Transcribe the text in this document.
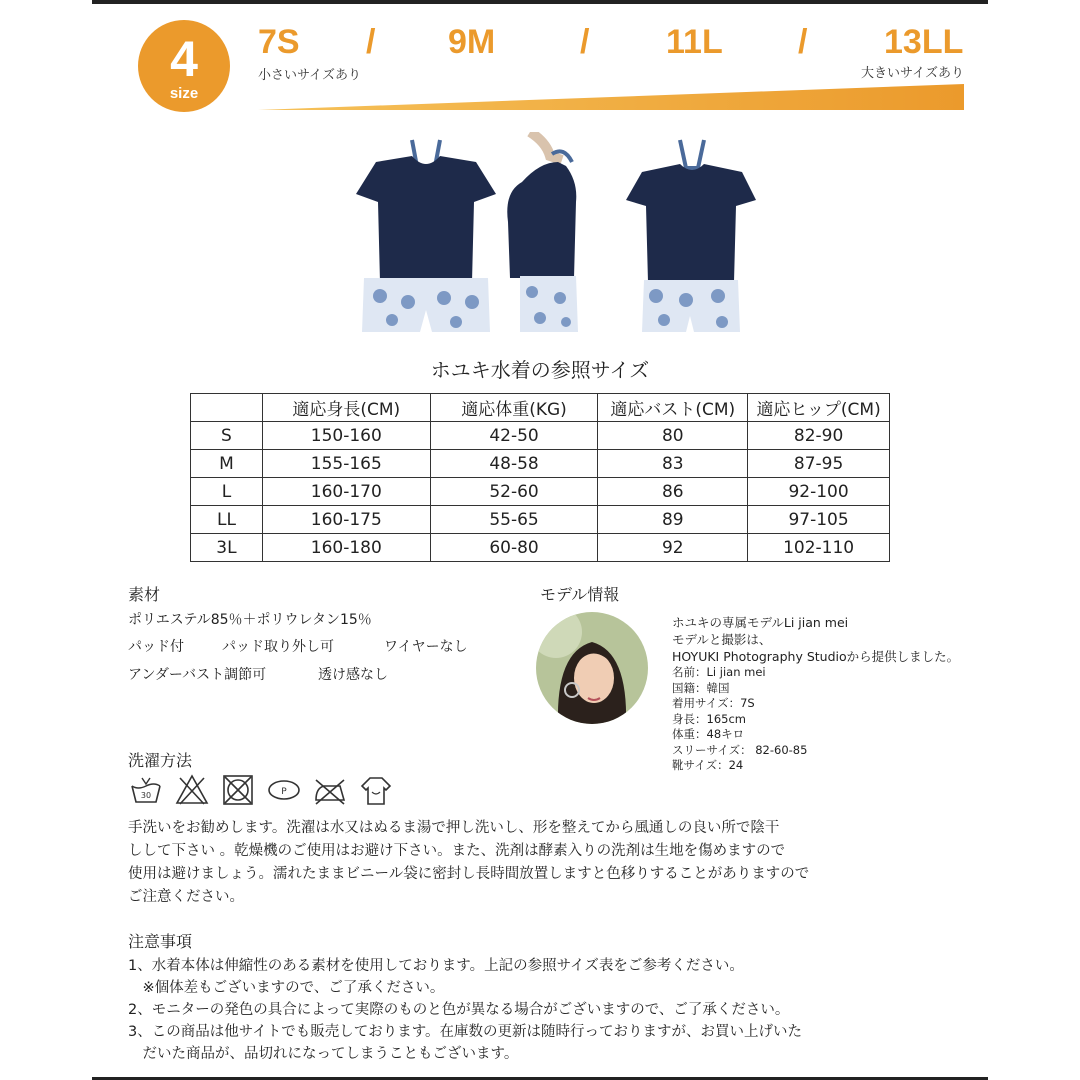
4
size
7S / 9M / 11L / 13LL
小さいサイズあり	大きいサイズあり
ホユキ水着の参照サイズ
	適応身長(CM)	適応体重(KG)	適応バスト(CM)	適応ヒップ(CM)
S	150-160	42-50	80	82-90
M	155-165	48-58	83	87-95
L	160-170	52-60	86	92-100
LL	160-175	55-65	89	97-105
3L	160-180	60-80	92	102-110
素材
ポリエステル85％＋ポリウレタン15％
パッド付	パッド取り外し可	ワイヤーなし
アンダーバスト調節可	透け感なし
モデル情報
ホユキの専属モデルLi jian mei
モデルと撮影は、
HOYUKI Photography Studioから提供しました。
名前：Li jian mei
国籍：韓国
着用サイズ：7S
身長：165cm
体重：48キロ
スリーサイズ： 82-60-85
靴サイズ：24
洗濯方法
30
	P

手洗いをお勧めします。洗濯は水又はぬるま湯で押し洗いし、形を整えてから風通しの良い所で陰干
しして下さい 。乾燥機のご使用はお避け下さい。また、洗剤は酵素入りの洗剤は生地を傷めますので
使用は避けましょう。濡れたままビニール袋に密封し長時間放置しますと色移りすることがありますので
ご注意ください。
注意事項
1、水着本体は伸縮性のある素材を使用しております。上記の参照サイズ表をご参考ください。
　※個体差もございますので、ご了承ください。
2、モニターの発色の具合によって実際のものと色が異なる場合がございますので、ご了承ください。
3、この商品は他サイトでも販売しております。在庫数の更新は随時行っておりますが、お買い上げいた
　だいた商品が、品切れになってしまうこともございます。
